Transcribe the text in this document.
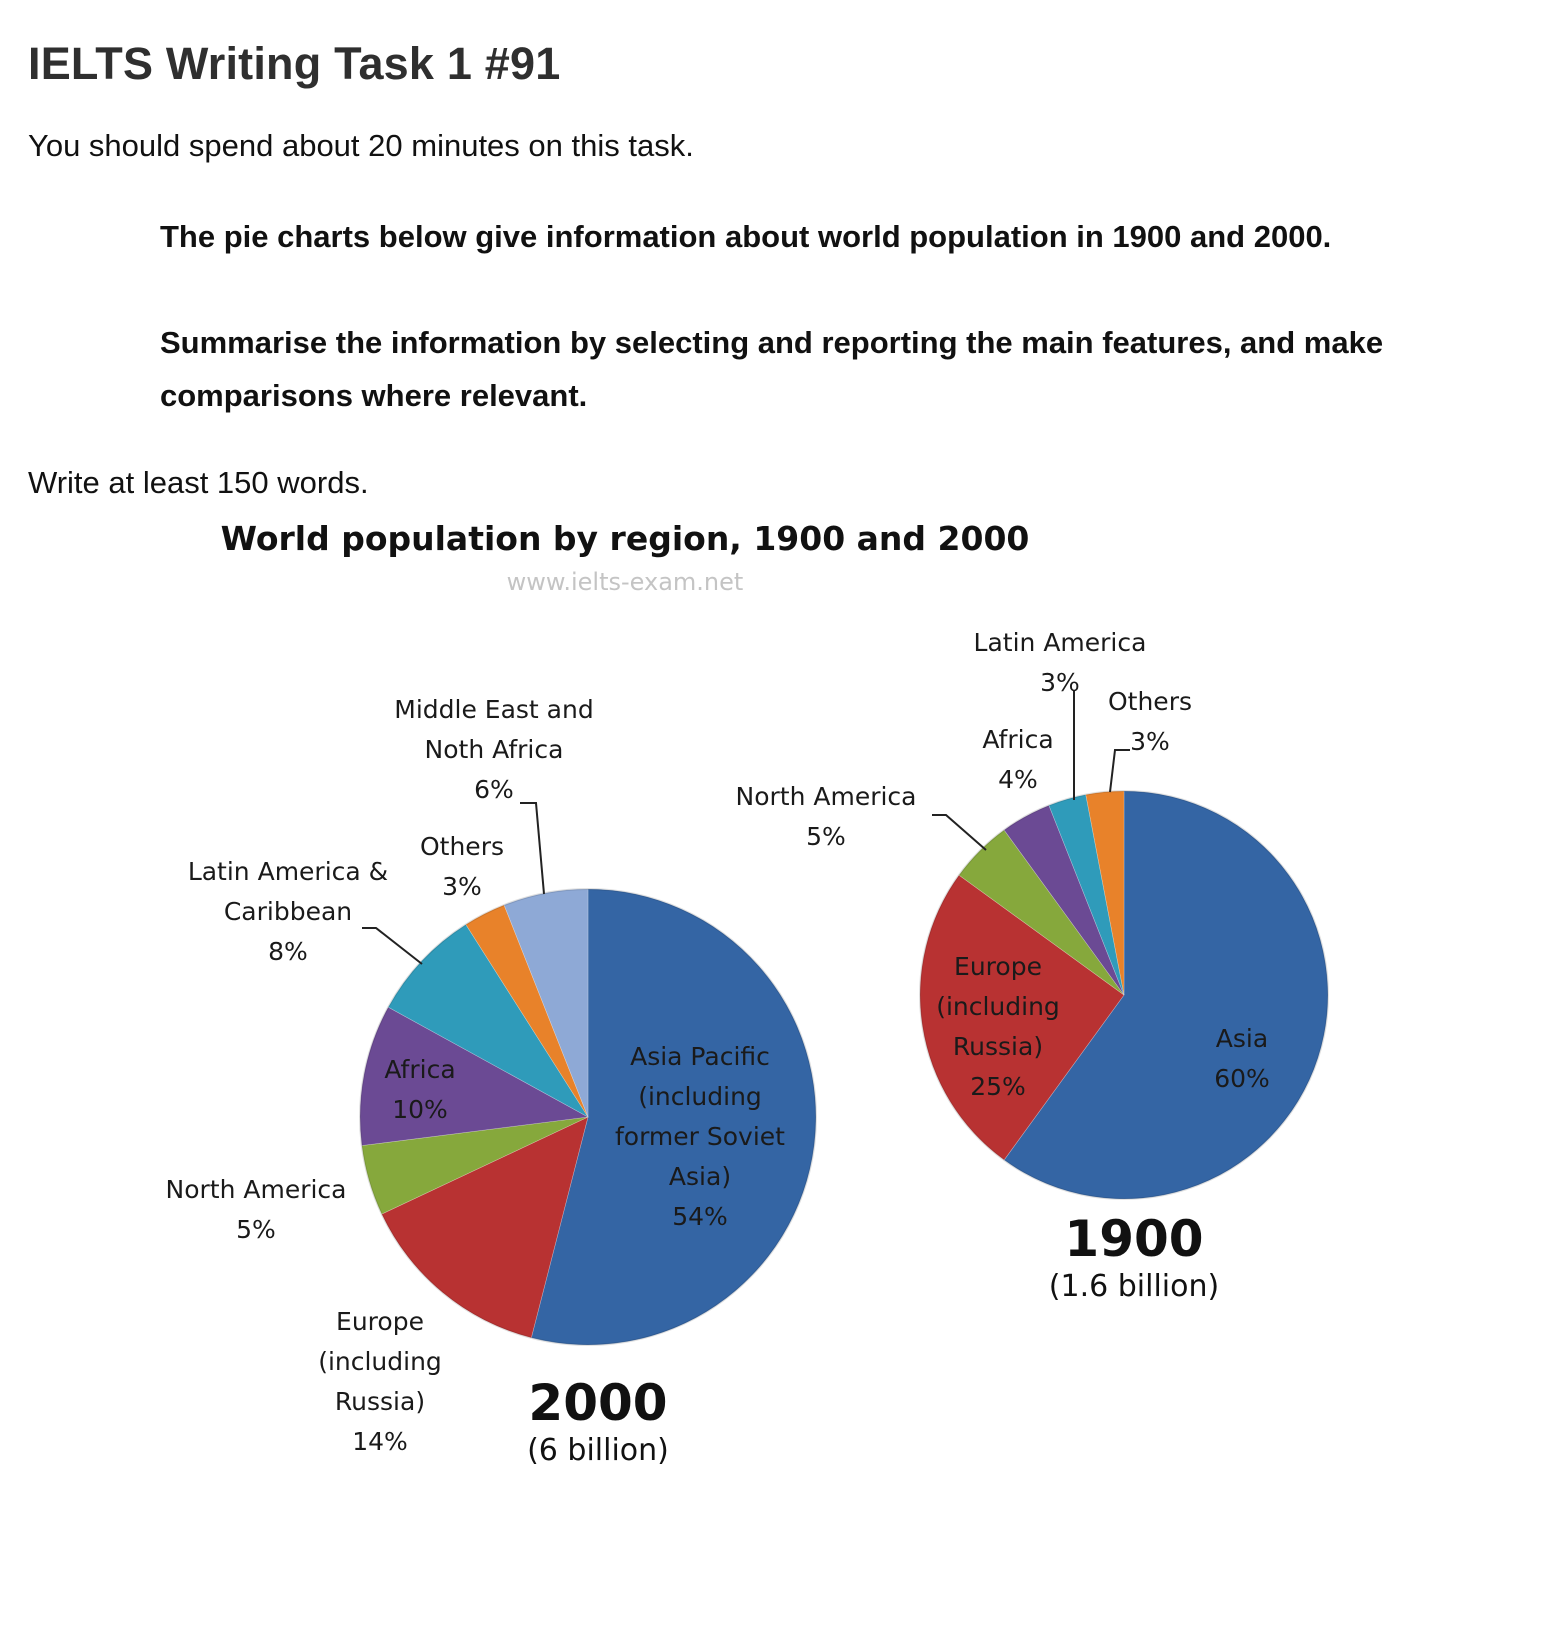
IELTS Writing Task 1 #91

You should spend about 20 minutes on this task.

The pie charts below give information about world population in 1900 and 2000.

Summarise the information by selecting and reporting the main features, and make comparisons where relevant.

Write at least 150 words.

World population by region, 1900 and 2000
www.ielts-exam.net
Asia Pacific (including former Soviet Asia) 54%
Europe (including Russia) 14%
North America 5%
Africa 10%
Latin America & Caribbean 8%
Others 3%
Middle East and Noth Africa 6%
2000
(6 billion)
Asia 60%
Europe (including Russia) 25%
North America 5%
Africa 4%
Latin America 3%
Others 3%
1900
(1.6 billion)
